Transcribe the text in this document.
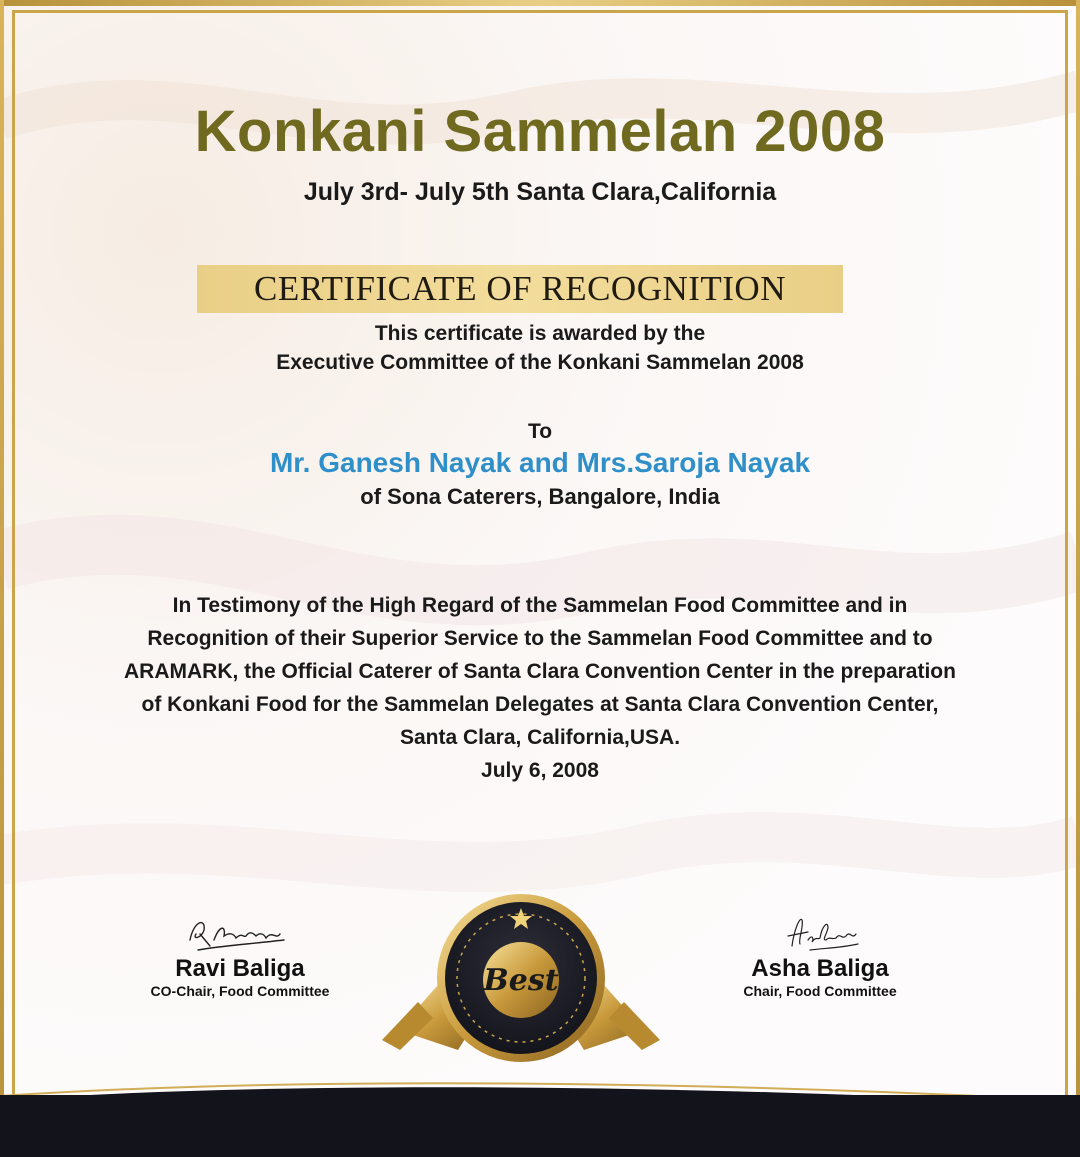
Konkani Sammelan 2008
July 3rd- July 5th Santa Clara,California
CERTIFICATE OF RECOGNITION
This certificate is awarded by the
Executive Committee of the Konkani Sammelan 2008
To
Mr. Ganesh Nayak and Mrs.Saroja Nayak
of Sona Caterers, Bangalore, India
In Testimony of the High Regard of the Sammelan Food Committee and in
Recognition of their Superior Service to the Sammelan Food Committee and to
ARAMARK, the Official Caterer of Santa Clara Convention Center in the preparation
of Konkani Food for the Sammelan Delegates at Santa Clara Convention Center,
Santa Clara, California,USA.
July 6, 2008
Ravi Baliga
CO-Chair, Food Committee
Asha Baliga
Chair, Food Committee
Best
